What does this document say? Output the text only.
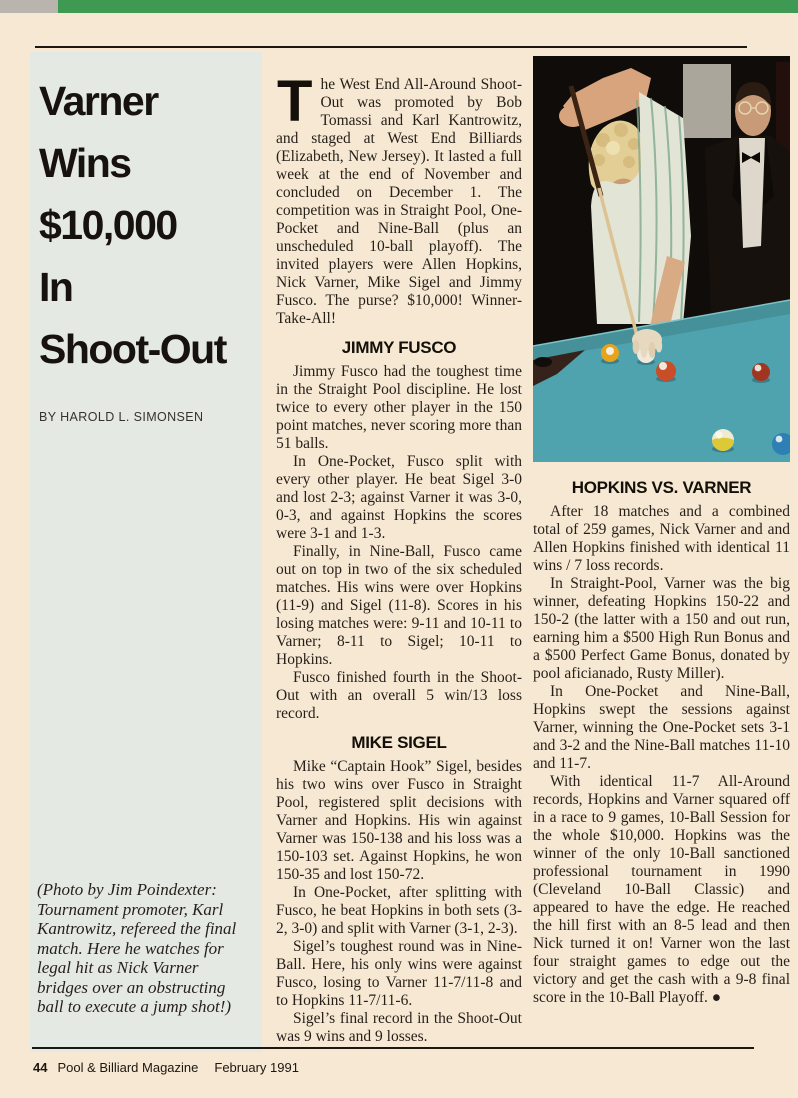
Varner
Wins
$10,000
In
Shoot-Out
BY HAROLD L. SIMONSEN

(Photo by Jim Poindexter: Tournament promoter, Karl Kantrowitz, refereed the final match. Here he watches for legal hit as Nick Varner bridges over an obstructing ball to execute a jump shot!)

The West End All-Around Shoot-Out was promoted by Bob Tomassi and Karl Kantrowitz, and staged at West End Billiards (Elizabeth, New Jersey). It lasted a full week at the end of November and concluded on December 1. The competition was in Straight Pool, One-Pocket and Nine-Ball (plus an unscheduled 10-ball playoff). The invited players were Allen Hopkins, Nick Varner, Mike Sigel and Jimmy Fusco. The purse? $10,000! Winner-Take-All!

JIMMY FUSCO

Jimmy Fusco had the toughest time in the Straight Pool discipline. He lost twice to every other player in the 150 point matches, never scoring more than 51 balls.

In One-Pocket, Fusco split with every other player. He beat Sigel 3-0 and lost 2-3; against Varner it was 3-0, 0-3, and against Hopkins the scores were 3-1 and 1-3.

Finally, in Nine-Ball, Fusco came out on top in two of the six scheduled matches. His wins were over Hopkins (11-9) and Sigel (11-8). Scores in his losing matches were: 9-11 and 10-11 to Varner; 8-11 to Sigel; 10-11 to Hopkins.

Fusco finished fourth in the Shoot-Out with an overall 5 win/13 loss record.

MIKE SIGEL

Mike “Captain Hook” Sigel, besides his two wins over Fusco in Straight Pool, registered split decisions with Varner and Hopkins. His win against Varner was 150-138 and his loss was a 150-103 set. Against Hopkins, he won 150-35 and lost 150-72.

In One-Pocket, after splitting with Fusco, he beat Hopkins in both sets (3-2, 3-0) and split with Varner (3-1, 2-3).

Sigel’s toughest round was in Nine-Ball. Here, his only wins were against Fusco, losing to Varner 11-7/11-8 and to Hopkins 11-7/11-6.

Sigel’s final record in the Shoot-Out was 9 wins and 9 losses.

HOPKINS VS. VARNER

After 18 matches and a combined total of 259 games, Nick Varner and and Allen Hopkins finished with identical 11 wins / 7 loss records.

In Straight-Pool, Varner was the big winner, defeating Hopkins 150-22 and 150-2 (the latter with a 150 and out run, earning him a $500 High Run Bonus and a $500 Perfect Game Bonus, donated by pool aficianado, Rusty Miller).

In One-Pocket and Nine-Ball, Hopkins swept the sessions against Varner, winning the One-Pocket sets 3-1 and 3-2 and the Nine-Ball matches 11-10 and 11-7.

With identical 11-7 All-Around records, Hopkins and Varner squared off in a race to 9 games, 10-Ball Session for the whole $10,000. Hopkins was the winner of the only 10-Ball sanctioned professional tournament in 1990 (Cleveland 10-Ball Classic) and appeared to have the edge. He reached the hill first with an 8-5 lead and then Nick turned it on! Varner won the last four straight games to edge out the victory and get the cash with a 9-8 final score in the 10-Ball Playoff. ●

44 Pool & Billiard Magazine February 1991
